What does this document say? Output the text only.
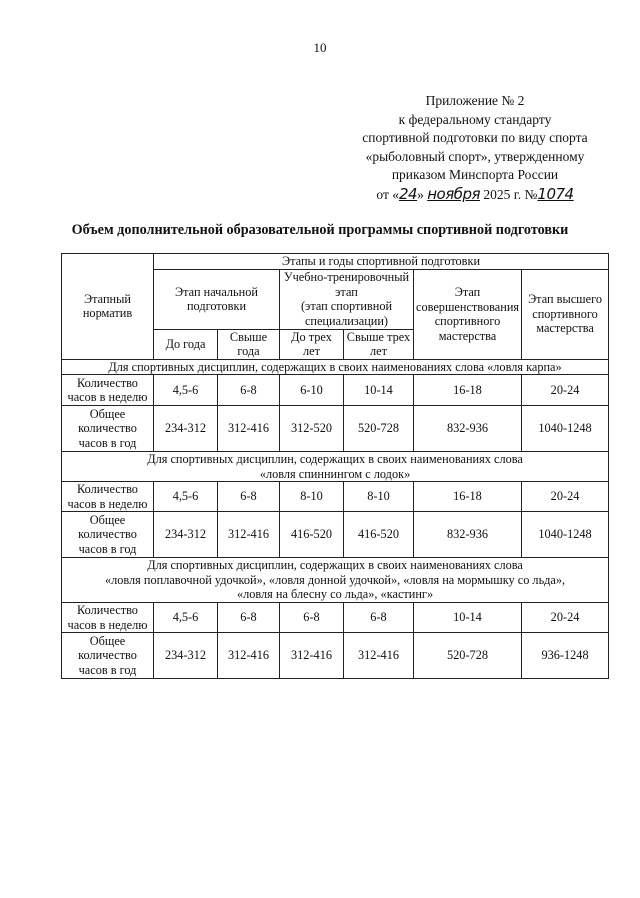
10
Приложение № 2
к федеральному стандарту
спортивной подготовки по виду спорта
«рыболовный спорт», утвержденному
приказом Минспорта России
от «24» ноября 2025 г. №1074
Объем дополнительной образовательной программы спортивной подготовки
Этапный норматив	Этапы и годы спортивной подготовки					
	Этап начальной подготовки		Учебно-тренировочный
этап
(этап спортивной
специализации)		Этап совершенствования спортивного мастерства	Этап высшего спортивного мастерства
	До года	Свыше года	До трех лет	Свыше трех лет		

Для спортивных дисциплин, содержащих в своих наименованиях слова «ловля карпа»						

Количество часов в неделю	4,5-6	6-8	6-10	10-14	16-18	20-24
Общее количество часов в год	234-312	312-416	312-520	520-728	832-936	1040-1248

Для спортивных дисциплин, содержащих в своих наименованиях слова
«ловля спиннингом с лодок»						

Количество часов в неделю	4,5-6	6-8	8-10	8-10	16-18	20-24
Общее количество часов в год	234-312	312-416	416-520	416-520	832-936	1040-1248

Для спортивных дисциплин, содержащих в своих наименованиях слова
«ловля поплавочной удочкой», «ловля донной удочкой», «ловля на мормышку со льда»,
«ловля на блесну со льда», «кастинг»						

Количество часов в неделю	4,5-6	6-8	6-8	6-8	10-14	20-24
Общее количество часов в год	234-312	312-416	312-416	312-416	520-728	936-1248
